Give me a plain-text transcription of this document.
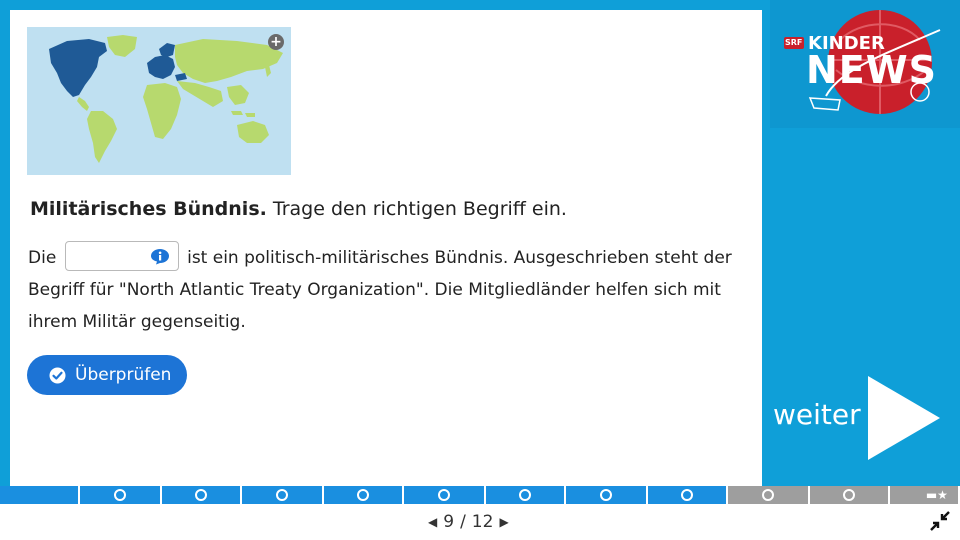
+
Militärisches Bündnis. Trage den richtigen Begriff ein.
Die	ist ein politisch-militärisches Bündnis. Ausgeschrieben steht der Begriff für "North Atlantic Treaty Organization". Die Mitgliedländer helfen sich mit ihrem Militär gegenseitig.
Überprüfen
SRF KINDER
NEWS
weiter
▬★
◀ 9 / 12 ▶
